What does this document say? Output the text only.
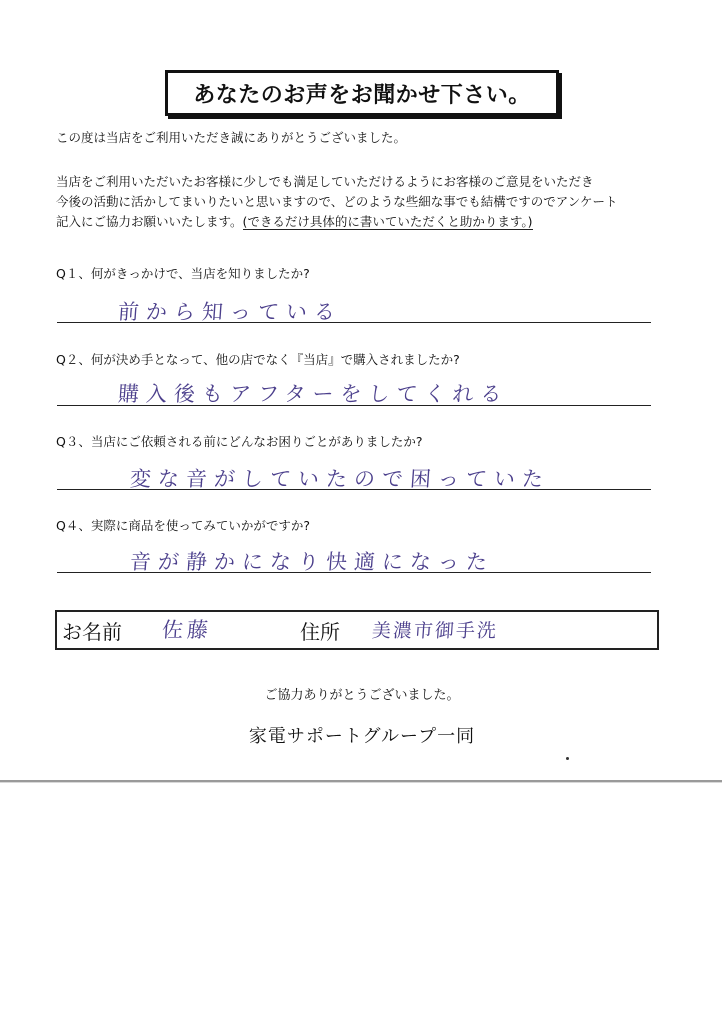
あなたのお声をお聞かせ下さい。
この度は当店をご利用いただき誠にありがとうございました。
当店をご利用いただいたお客様に少しでも満足していただけるようにお客様のご意見をいただき
今後の活動に活かしてまいりたいと思いますので、どのような些細な事でも結構ですのでアンケート
記入にご協力お願いいたします。(できるだけ具体的に書いていただくと助かります。)
Q１、何がきっかけで、当店を知りましたか?
前から知っている
Q２、何が決め手となって、他の店でなく『当店』で購入されましたか?
購入後もアフターをしてくれる
Q３、当店にご依頼される前にどんなお困りごとがありましたか?
変な音がしていたので困っていた
Q４、実際に商品を使ってみていかがですか?
音が静かになり快適になった
お名前 佐藤	住所 美濃市御手洗
ご協力ありがとうございました。
家電サポートグループ一同
